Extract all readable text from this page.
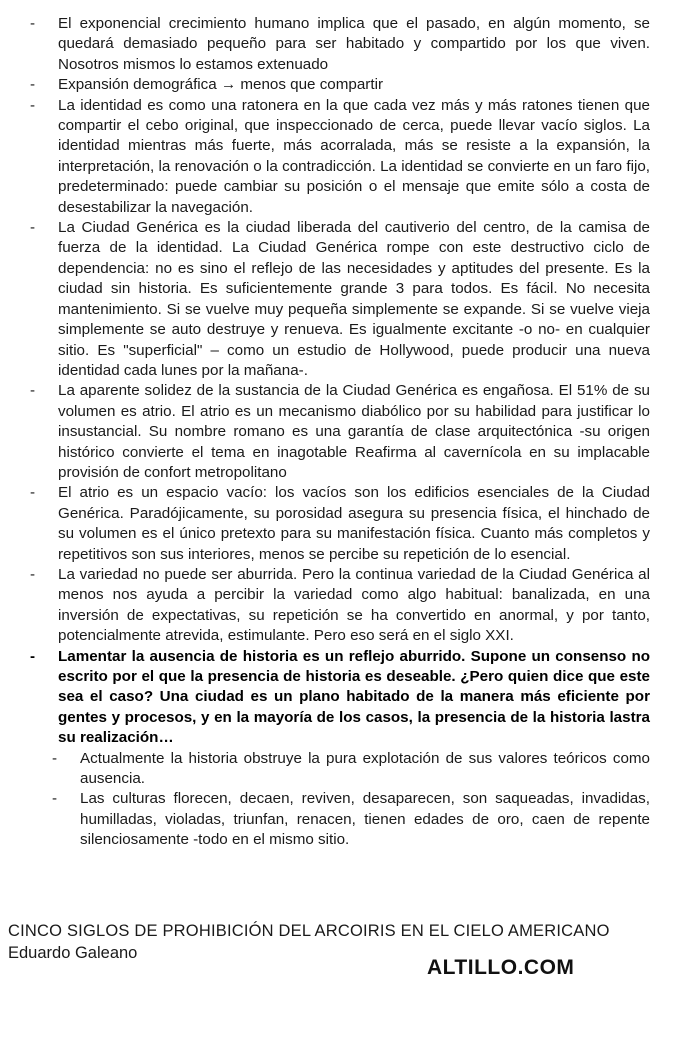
- El exponencial crecimiento humano implica que el pasado, en algún momento, se quedará demasiado pequeño para ser habitado y compartido por los que viven. Nosotros mismos lo estamos extenuado

- Expansión demográfica → menos que compartir

- La identidad es como una ratonera en la que cada vez más y más ratones tienen que compartir el cebo original, que inspeccionado de cerca, puede llevar vacío siglos. La identidad mientras más fuerte, más acorralada, más se resiste a la expansión, la interpretación, la renovación o la contradicción. La identidad se convierte en un faro fijo, predeterminado: puede cambiar su posición o el mensaje que emite sólo a costa de desestabilizar la navegación.

- La Ciudad Genérica es la ciudad liberada del cautiverio del centro, de la camisa de fuerza de la identidad. La Ciudad Genérica rompe con este destructivo ciclo de dependencia: no es sino el reflejo de las necesidades y aptitudes del presente. Es la ciudad sin historia. Es suficientemente grande 3 para todos. Es fácil. No necesita mantenimiento. Si se vuelve muy pequeña simplemente se expande. Si se vuelve vieja simplemente se auto destruye y renueva. Es igualmente excitante -o no- en cualquier sitio. Es "superficial" – como un estudio de Hollywood, puede producir una nueva identidad cada lunes por la mañana-.

- La aparente solidez de la sustancia de la Ciudad Genérica es engañosa. El 51% de su volumen es atrio. El atrio es un mecanismo diabólico por su habilidad para justificar lo insustancial. Su nombre romano es una garantía de clase arquitectónica -su origen histórico convierte el tema en inagotable Reafirma al cavernícola en su implacable provisión de confort metropolitano

- El atrio es un espacio vacío: los vacíos son los edificios esenciales de la Ciudad Genérica. Paradójicamente, su porosidad asegura su presencia física, el hinchado de su volumen es el único pretexto para su manifestación física. Cuanto más completos y repetitivos son sus interiores, menos se percibe su repetición de lo esencial.

- La variedad no puede ser aburrida. Pero la continua variedad de la Ciudad Genérica al menos nos ayuda a percibir la variedad como algo habitual: banalizada, en una inversión de expectativas, su repetición se ha convertido en anormal, y por tanto, potencialmente atrevida, estimulante. Pero eso será en el siglo XXI.

- Lamentar la ausencia de historia es un reflejo aburrido. Supone un consenso no escrito por el que la presencia de historia es deseable. ¿Pero quien dice que este sea el caso? Una ciudad es un plano habitado de la manera más eficiente por gentes y procesos, y en la mayoría de los casos, la presencia de la historia lastra su realización…

- Actualmente la historia obstruye la pura explotación de sus valores teóricos como ausencia.

- Las culturas florecen, decaen, reviven, desaparecen, son saqueadas, invadidas, humilladas, violadas, triunfan, renacen, tienen edades de oro, caen de repente silenciosamente -todo en el mismo sitio.

CINCO SIGLOS DE PROHIBICIÓN DEL ARCOIRIS EN EL CIELO AMERICANO

Eduardo Galeano

ALTILLO.COM
